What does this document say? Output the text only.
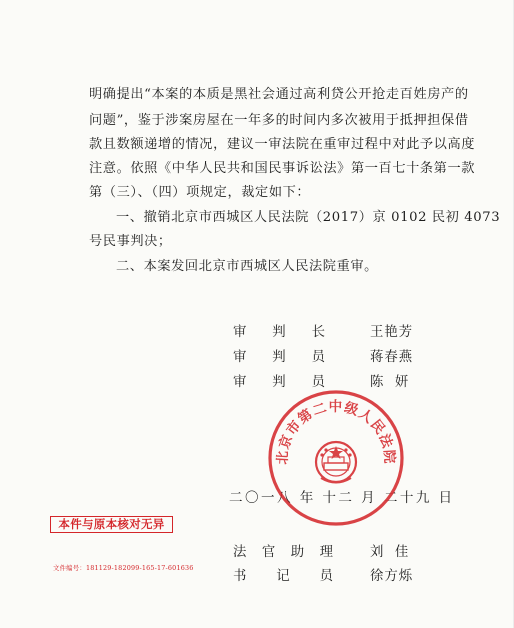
明确提出“本案的本质是黑社会通过高利贷公开抢走百姓房产的
问题”，鉴于涉案房屋在一年多的时间内多次被用于抵押担保借
款且数额递增的情况，建议一审法院在重审过程中对此予以高度
注意。依照《中华人民共和国民事诉讼法》第一百七十条第一款
第（三）、（四）项规定，裁定如下：
一、撤销北京市西城区人民法院（2017）京 0102 民初 4073
号民事判决；
二、本案发回北京市西城区人民法院重审。
审 判 长	王艳芳
审 判 员	蒋春燕
审 判 员	陈  妍
二〇一八 年 十二 月 二十九 日
北京市第二中级人民法院
本件与原本核对无异
法 官 助 理	刘  佳
文件编号：181129-182099-165-17-601636
书 记 员	徐方烁
